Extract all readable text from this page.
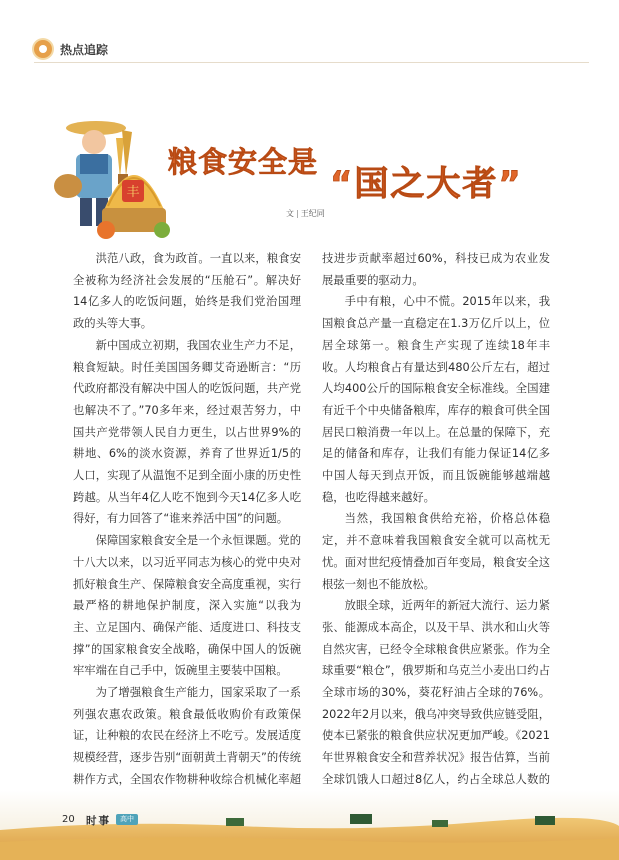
热点追踪
丰
粮食安全是
“国之大者”
文 | 王纪同

洪范八政，食为政首。一直以来，粮食安全被称为经济社会发展的“压舱石”。解决好14亿多人的吃饭问题，始终是我们党治国理政的头等大事。

新中国成立初期，我国农业生产力不足，粮食短缺。时任美国国务卿艾奇逊断言：“历代政府都没有解决中国人的吃饭问题，共产党也解决不了。”70多年来，经过艰苦努力，中国共产党带领人民自力更生，以占世界9%的耕地、6%的淡水资源，养育了世界近1/5的人口，实现了从温饱不足到全面小康的历史性跨越。从当年4亿人吃不饱到今天14亿多人吃得好，有力回答了“谁来养活中国”的问题。

保障国家粮食安全是一个永恒课题。党的十八大以来，以习近平同志为核心的党中央对抓好粮食生产、保障粮食安全高度重视，实行最严格的耕地保护制度，深入实施“以我为主、立足国内、确保产能、适度进口、科技支撑”的国家粮食安全战略，确保中国人的饭碗牢牢端在自己手中，饭碗里主要装中国粮。

为了增强粮食生产能力，国家采取了一系列强农惠农政策。粮食最低收购价有政策保证，让种粮的农民在经济上不吃亏。发展适度规模经营，逐步告别“面朝黄土背朝天”的传统耕作方式，全国农作物耕种收综合机械化率超

技进步贡献率超过60%，科技已成为农业发展最重要的驱动力。

手中有粮，心中不慌。2015年以来，我国粮食总产量一直稳定在1.3万亿斤以上，位居全球第一。粮食生产实现了连续18年丰收。人均粮食占有量达到480公斤左右，超过人均400公斤的国际粮食安全标准线。全国建有近千个中央储备粮库，库存的粮食可供全国居民口粮消费一年以上。在总量的保障下，充足的储备和库存，让我们有能力保证14亿多中国人每天到点开饭，而且饭碗能够越端越稳，也吃得越来越好。

当然，我国粮食供给充裕，价格总体稳定，并不意味着我国粮食安全就可以高枕无忧。面对世纪疫情叠加百年变局，粮食安全这根弦一刻也不能放松。

放眼全球，近两年的新冠大流行、运力紧张、能源成本高企，以及干旱、洪水和山火等自然灾害，已经令全球粮食供应紧张。作为全球重要“粮仓”，俄罗斯和乌克兰小麦出口约占全球市场的30%，葵花籽油占全球的76%。2022年2月以来，俄乌冲突导致供应链受阻，使本已紧张的粮食供应状况更加严峻。《2021年世界粮食安全和营养状况》报告估算，当前全球饥饿人口超过8亿人，约占全球总人数的

20 时事	高中
